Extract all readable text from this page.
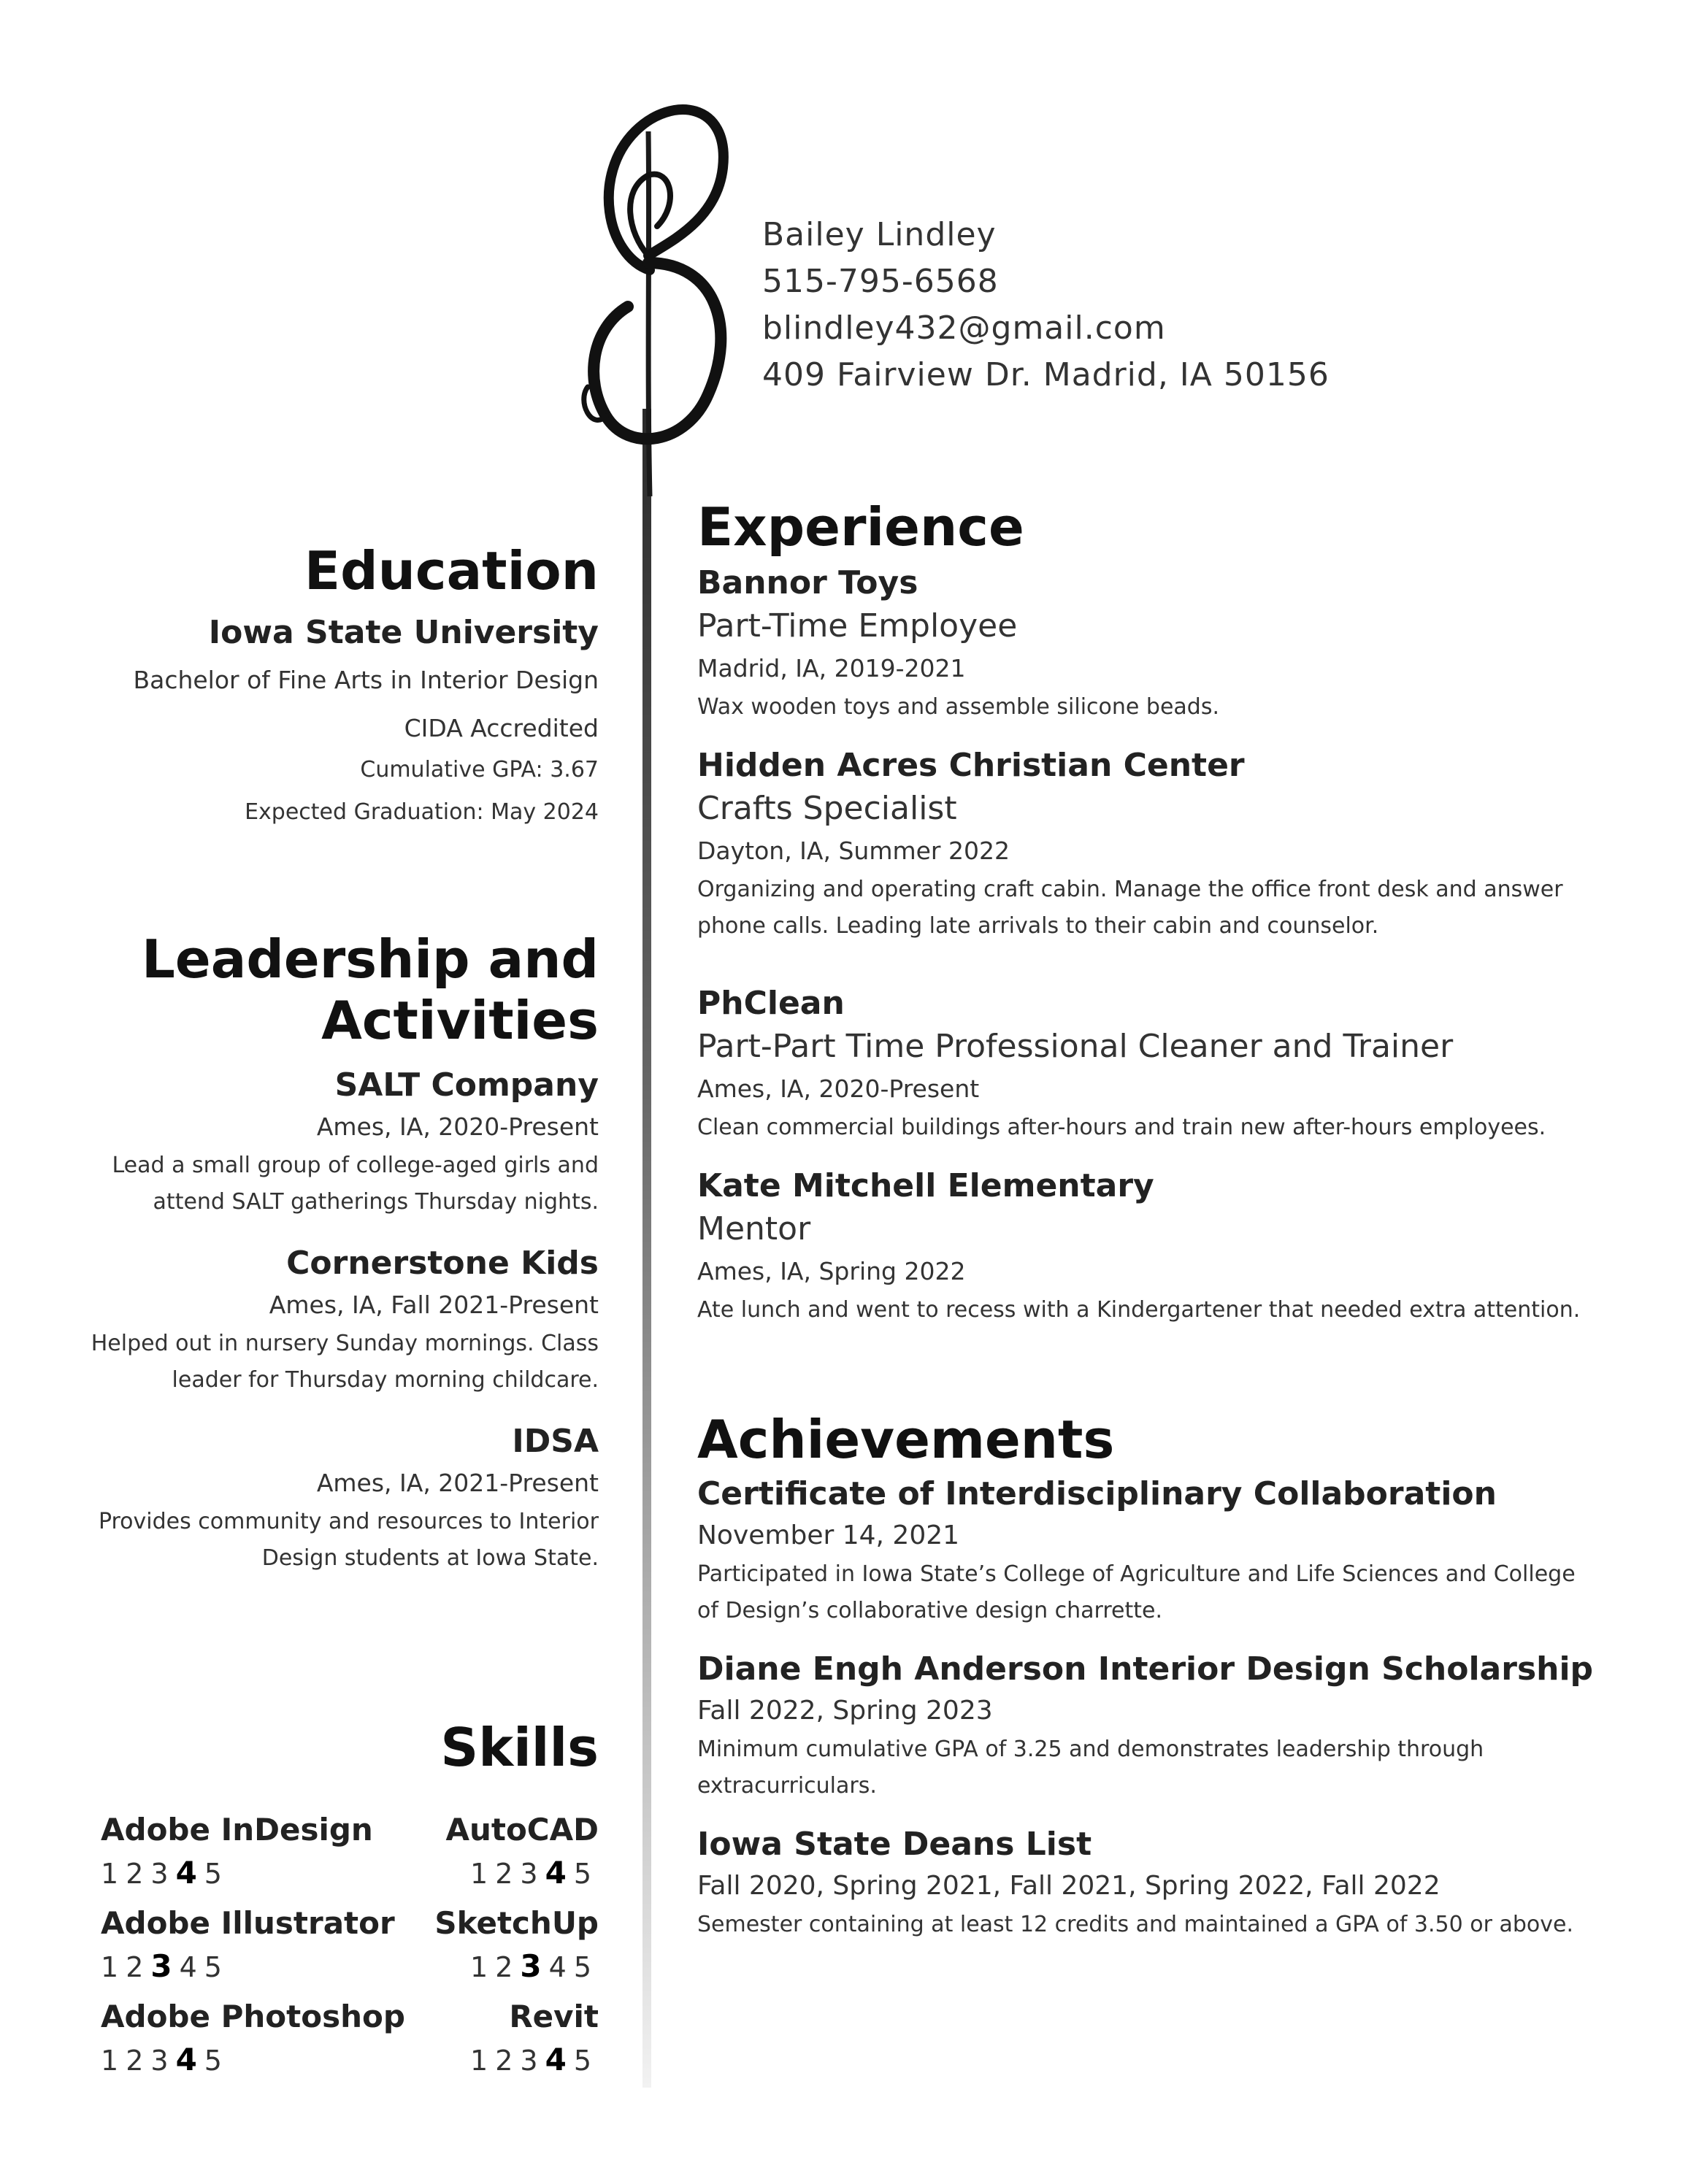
Bailey Lindley
515-795-6568
blindley432@gmail.com
409 Fairview Dr. Madrid, IA 50156
Education
Iowa State University
Bachelor of Fine Arts in Interior Design
CIDA Accredited
Cumulative GPA: 3.67
Expected Graduation: May 2024
Leadership and
Activities
SALT Company
Ames, IA, 2020-Present
Lead a small group of college-aged girls and
attend SALT gatherings Thursday nights.
Cornerstone Kids
Ames, IA, Fall 2021-Present
Helped out in nursery Sunday mornings. Class
leader for Thursday morning childcare.
IDSA
Ames, IA, 2021-Present
Provides community and resources to Interior
Design students at Iowa State.
Skills
Adobe InDesign
12345
AutoCAD
12345
Adobe Illustrator
12345
SketchUp
12345
Adobe Photoshop
12345
Revit
12345
Experience
Bannor Toys
Part-Time Employee
Madrid, IA, 2019-2021
Wax wooden toys and assemble silicone beads.
Hidden Acres Christian Center
Crafts Specialist
Dayton, IA, Summer 2022
Organizing and operating craft cabin. Manage the office front desk and answer
phone calls. Leading late arrivals to their cabin and counselor.
PhClean
Part-Part Time Professional Cleaner and Trainer
Ames, IA, 2020-Present
Clean commercial buildings after-hours and train new after-hours employees.
Kate Mitchell Elementary
Mentor
Ames, IA, Spring 2022
Ate lunch and went to recess with a Kindergartener that needed extra attention.
Achievements
Certificate of Interdisciplinary Collaboration
November 14, 2021
Participated in Iowa State’s College of Agriculture and Life Sciences and College
of Design’s collaborative design charrette.
Diane Engh Anderson Interior Design Scholarship
Fall 2022, Spring 2023
Minimum cumulative GPA of 3.25 and demonstrates leadership through
extracurriculars.
Iowa State Deans List
Fall 2020, Spring 2021, Fall 2021, Spring 2022, Fall 2022
Semester containing at least 12 credits and maintained a GPA of 3.50 or above.
